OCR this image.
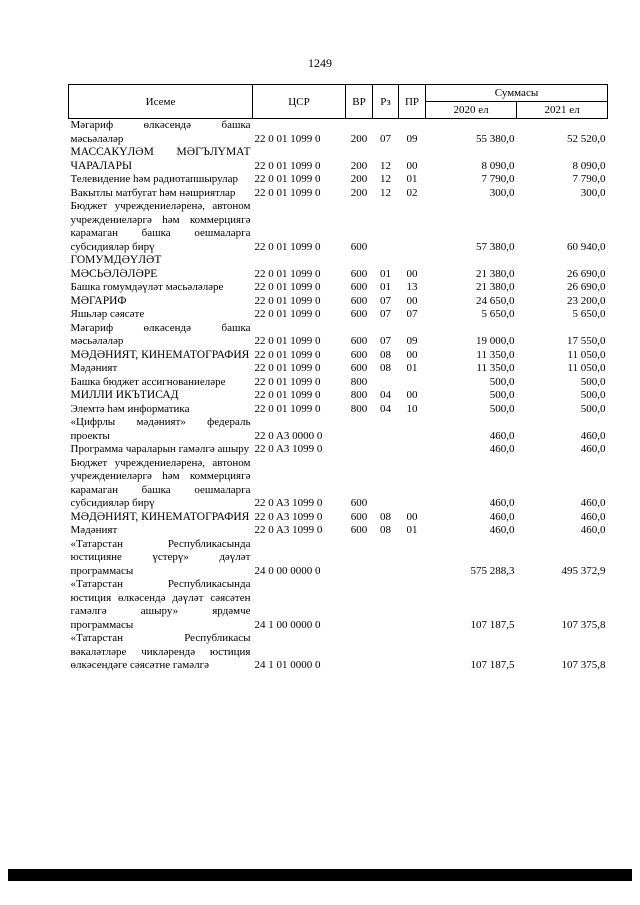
1249
Исеме	ЦСР	ВР	Рз	ПР	Суммасы	
					2020 ел	2021 ел
Мәгариф өлкәсендә башка мәсьәләләр	22 0 01 1099 0	200	07	09	55 380,0	52 520,0
МАССАКҮЛӘМ МӘГЪЛҮМАТ ЧАРАЛАРЫ	22 0 01 1099 0	200	12	00	8 090,0	8 090,0
Телевидение һәм радиотапшырулар	22 0 01 1099 0	200	12	01	7 790,0	7 790,0
Вакытлы матбугат һәм нәшриятлар	22 0 01 1099 0	200	12	02	300,0	300,0
Бюджет учреждениеләренә, автоном учреждениеләргә һәм коммерциягә карамаган башка оешмаларга субсидияләр бирү	22 0 01 1099 0	600			57 380,0	60 940,0
ГОМУМДӘҮЛӘТ МӘСЬӘЛӘЛӘРЕ	22 0 01 1099 0	600	01	00	21 380,0	26 690,0
Башка гомумдәүләт мәсьәләләре	22 0 01 1099 0	600	01	13	21 380,0	26 690,0
МӘГАРИФ	22 0 01 1099 0	600	07	00	24 650,0	23 200,0
Яшьләр сәясәте	22 0 01 1099 0	600	07	07	5 650,0	5 650,0
Мәгариф өлкәсендә башка мәсьәләләр	22 0 01 1099 0	600	07	09	19 000,0	17 550,0
МӘДӘНИЯТ, КИНЕМАТОГРАФИЯ	22 0 01 1099 0	600	08	00	11 350,0	11 050,0
Мәдәният	22 0 01 1099 0	600	08	01	11 350,0	11 050,0
Башка бюджет ассигнованиеләре	22 0 01 1099 0	800			500,0	500,0
МИЛЛИ ИКЪТИСАД	22 0 01 1099 0	800	04	00	500,0	500,0
Элемтә һәм информатика	22 0 01 1099 0	800	04	10	500,0	500,0
«Цифрлы мәдәният» федераль проекты	22 0 A3 0000 0				460,0	460,0
Программа чараларын гамәлгә ашыру	22 0 A3 1099 0				460,0	460,0
Бюджет учреждениеләренә, автоном учреждениеләргә һәм коммерциягә карамаган башка оешмаларга субсидияләр бирү	22 0 A3 1099 0	600			460,0	460,0
МӘДӘНИЯТ, КИНЕМАТОГРАФИЯ	22 0 A3 1099 0	600	08	00	460,0	460,0
Мәдәният	22 0 A3 1099 0	600	08	01	460,0	460,0
«Татарстан Республикасында юстицияне үстерү» дәүләт программасы	24 0 00 0000 0				575 288,3	495 372,9
«Татарстан Республикасында юстиция өлкәсендә дәүләт сәясәтен гамәлгә ашыру» ярдәмче программасы	24 1 00 0000 0				107 187,5	107 375,8
«Татарстан Республикасы вәкаләтләре чикләрендә юстиция өлкәсендәге сәясәтне гамәлгә	24 1 01 0000 0				107 187,5	107 375,8
